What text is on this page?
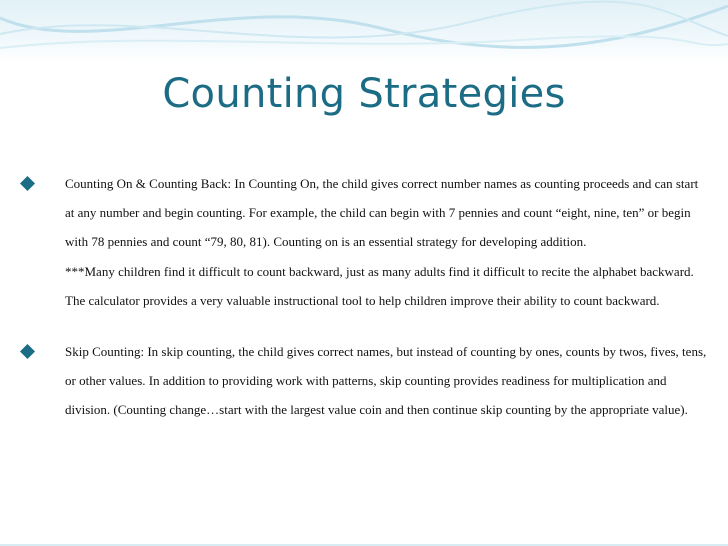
Counting Strategies
Counting On & Counting Back: In Counting On, the child gives correct number names as counting proceeds and can start at any number and begin counting. For example, the child can begin with 7 pennies and count “eight, nine, ten” or begin with 78 pennies and count “79, 80, 81). Counting on is an essential strategy for developing addition.
***Many children find it difficult to count backward, just as many adults find it difficult to recite the alphabet backward. The calculator provides a very valuable instructional tool to help children improve their ability to count backward.
Skip Counting: In skip counting, the child gives correct names, but instead of counting by ones, counts by twos, fives, tens, or other values. In addition to providing work with patterns, skip counting provides readiness for multiplication and division. (Counting change…start with the largest value coin and then continue skip counting by the appropriate value).
